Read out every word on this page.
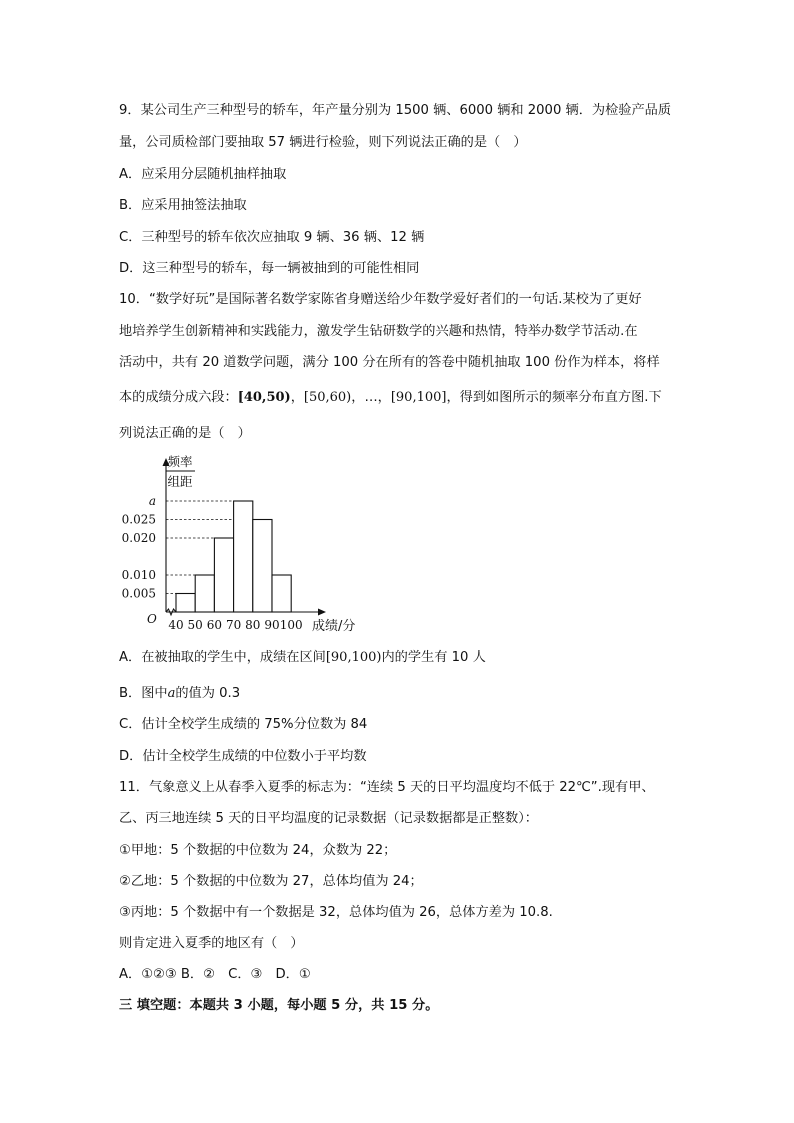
9．某公司生产三种型号的轿车，年产量分别为 1500 辆、6000 辆和 2000 辆．为检验产品质
量，公司质检部门要抽取 57 辆进行检验，则下列说法正确的是（　）
A．应采用分层随机抽样抽取
B．应采用抽签法抽取
C．三种型号的轿车依次应抽取 9 辆、36 辆、12 辆
D．这三种型号的轿车，每一辆被抽到的可能性相同
10．“数学好玩”是国际著名数学家陈省身赠送给少年数学爱好者们的一句话.某校为了更好
地培养学生创新精神和实践能力，激发学生钻研数学的兴趣和热情，特举办数学节活动.在
活动中，共有 20 道数学问题，满分 100 分在所有的答卷中随机抽取 100 份作为样本，将样
本的成绩分成六段：[40,50)，[50,60)，…，[90,100]，得到如图所示的频率分布直方图.下
列说法正确的是（　）
40 50 60 70 80 90 100 成绩/分
O
0.005
0.010
0.020
0.025
a
频率
组距
A．在被抽取的学生中，成绩在区间[90,100)内的学生有 10 人
B．图中a的值为 0.3
C．估计全校学生成绩的 75%分位数为 84
D．估计全校学生成绩的中位数小于平均数
11．气象意义上从春季入夏季的标志为：“连续 5 天的日平均温度均不低于 22℃”.现有甲、
乙、丙三地连续 5 天的日平均温度的记录数据（记录数据都是正整数）：
①甲地：5 个数据的中位数为 24，众数为 22；
②乙地：5 个数据的中位数为 27，总体均值为 24；
③丙地：5 个数据中有一个数据是 32，总体均值为 26，总体方差为 10.8.
则肯定进入夏季的地区有（　）
A．①②③ B．②　C．③　D．①
三 填空题：本题共 3 小题，每小题 5 分，共 15 分。
